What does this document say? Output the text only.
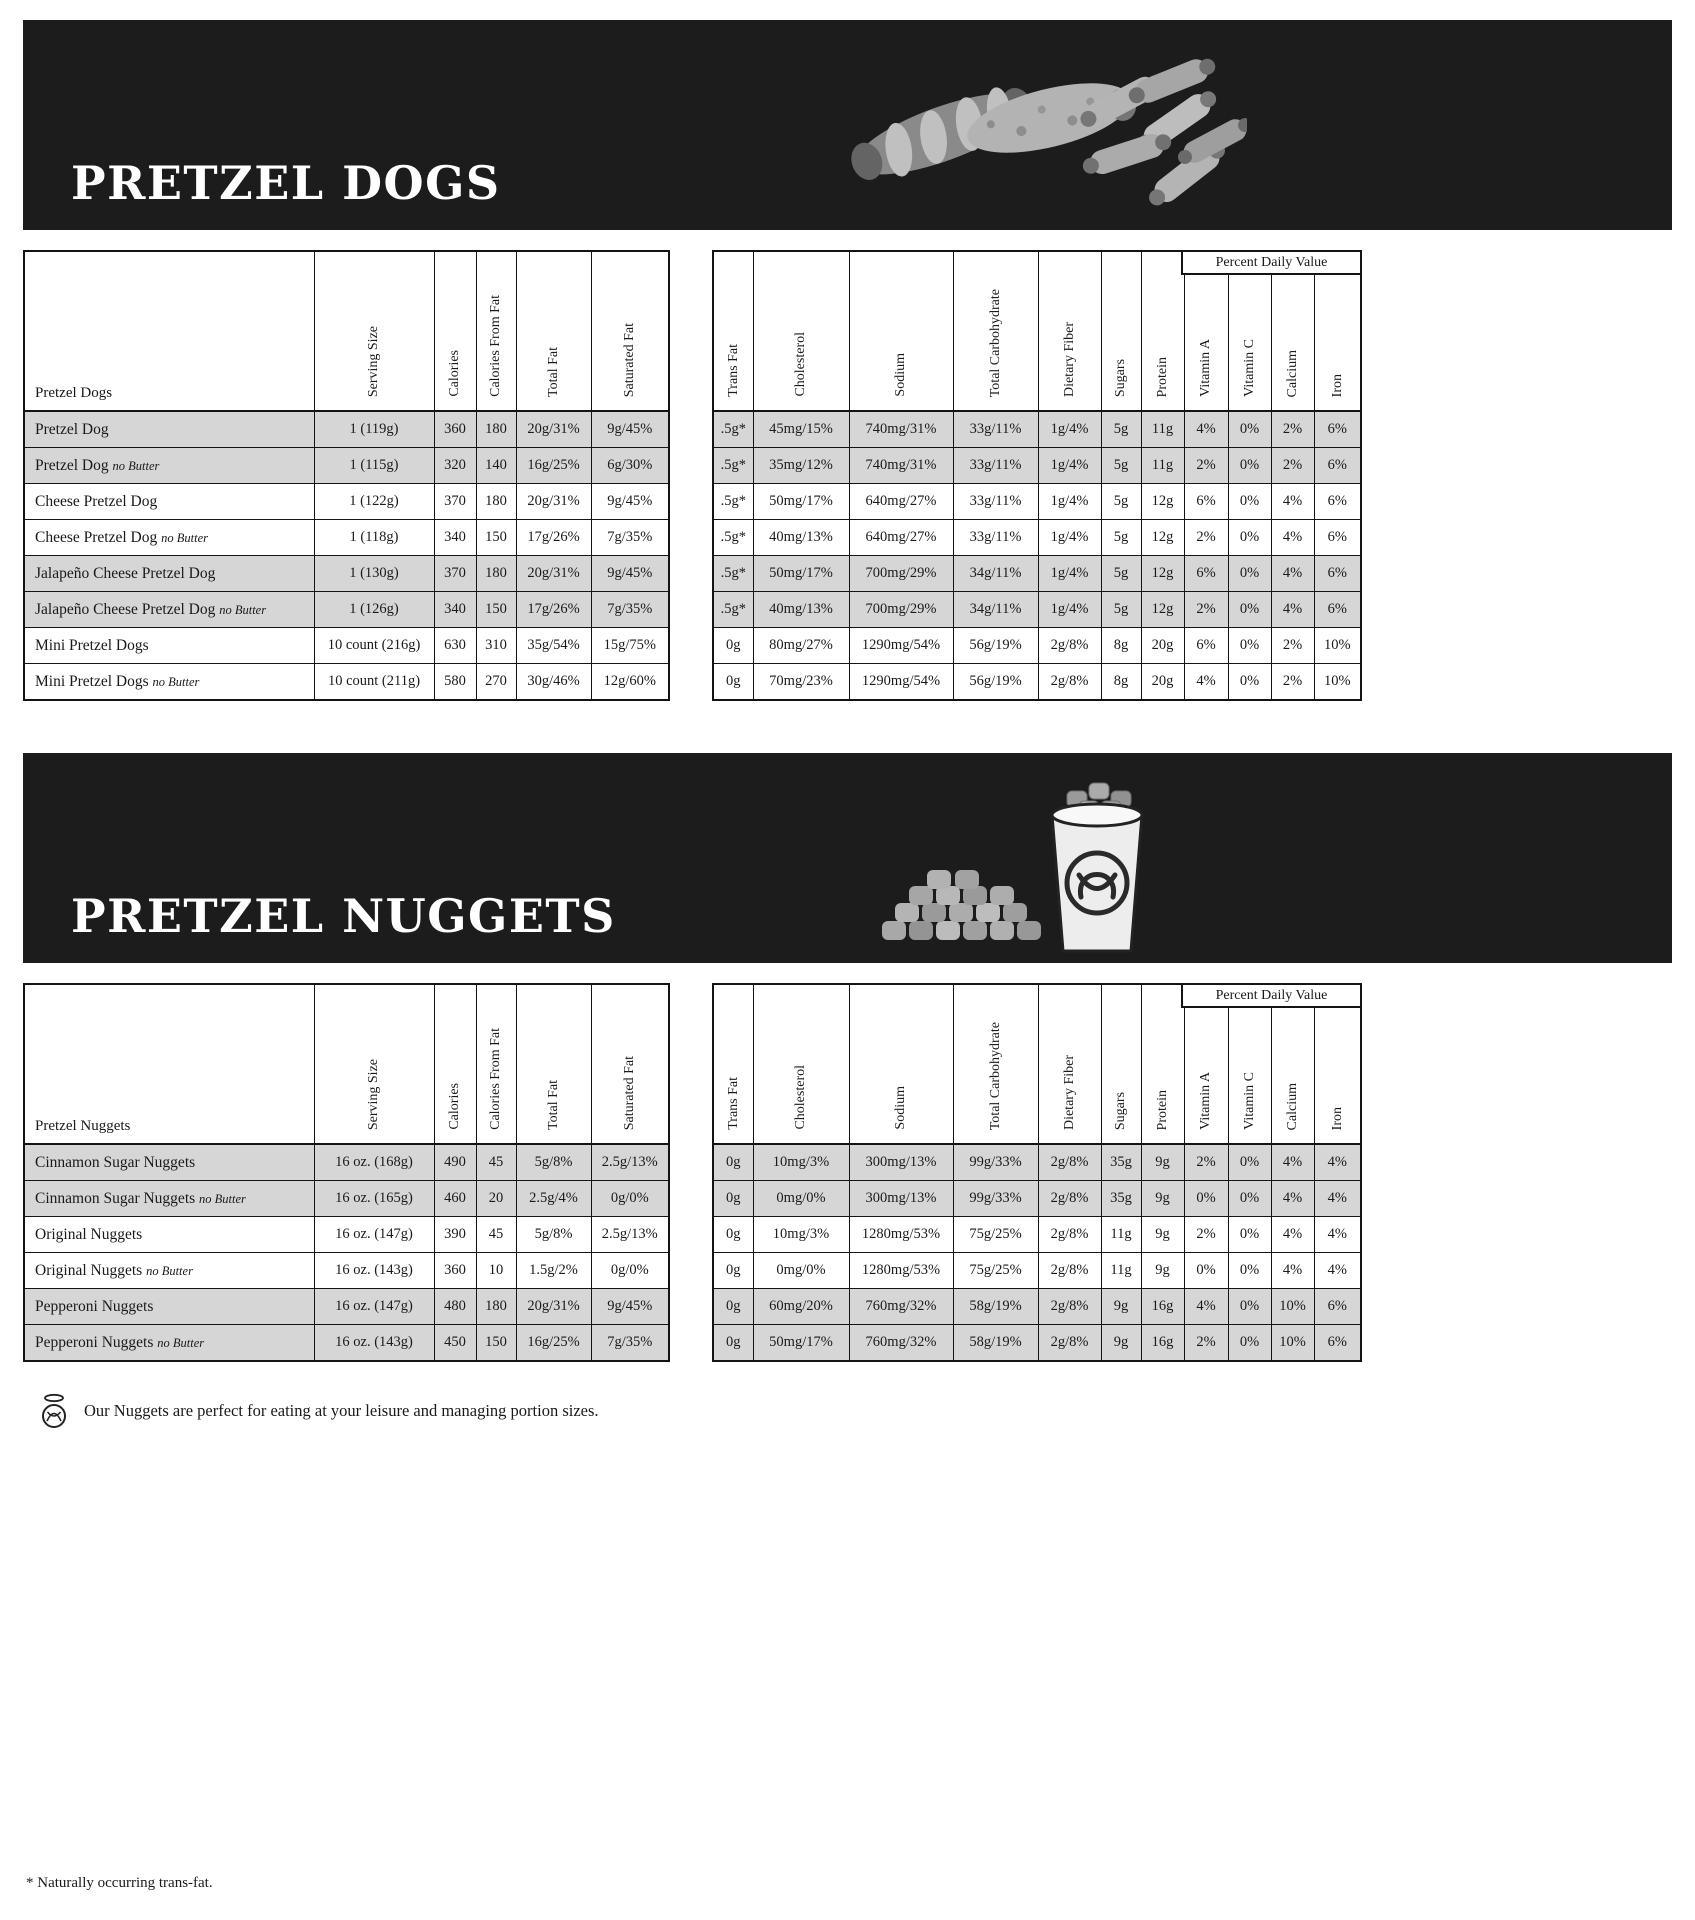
PRETZEL DOGS
Pretzel Dogs	Serving Size	Calories	Calories From Fat	Total Fat	Saturated Fat
Pretzel Dog	1 (119g)	360	180	20g/31%	9g/45%
Pretzel Dog no Butter	1 (115g)	320	140	16g/25%	6g/30%
Cheese Pretzel Dog	1 (122g)	370	180	20g/31%	9g/45%
Cheese Pretzel Dog no Butter	1 (118g)	340	150	17g/26%	7g/35%
Jalapeño Cheese Pretzel Dog	1 (130g)	370	180	20g/31%	9g/45%
Jalapeño Cheese Pretzel Dog no Butter	1 (126g)	340	150	17g/26%	7g/35%
Mini Pretzel Dogs	10 count (216g)	630	310	35g/54%	15g/75%
Mini Pretzel Dogs no Butter	10 count (211g)	580	270	30g/46%	12g/60%
Percent Daily Value
Trans Fat	Cholesterol	Sodium	Total Carbohydrate	Dietary Fiber	Sugars	Protein	Vitamin A	Vitamin C	Calcium	Iron
.5g*	45mg/15%	740mg/31%	33g/11%	1g/4%	5g	11g	4%	0%	2%	6%
.5g*	35mg/12%	740mg/31%	33g/11%	1g/4%	5g	11g	2%	0%	2%	6%
.5g*	50mg/17%	640mg/27%	33g/11%	1g/4%	5g	12g	6%	0%	4%	6%
.5g*	40mg/13%	640mg/27%	33g/11%	1g/4%	5g	12g	2%	0%	4%	6%
.5g*	50mg/17%	700mg/29%	34g/11%	1g/4%	5g	12g	6%	0%	4%	6%
.5g*	40mg/13%	700mg/29%	34g/11%	1g/4%	5g	12g	2%	0%	4%	6%
0g	80mg/27%	1290mg/54%	56g/19%	2g/8%	8g	20g	6%	0%	2%	10%
0g	70mg/23%	1290mg/54%	56g/19%	2g/8%	8g	20g	4%	0%	2%	10%
PRETZEL NUGGETS
Pretzel Nuggets	Serving Size	Calories	Calories From Fat	Total Fat	Saturated Fat
Cinnamon Sugar Nuggets	16 oz. (168g)	490	45	5g/8%	2.5g/13%
Cinnamon Sugar Nuggets no Butter	16 oz. (165g)	460	20	2.5g/4%	0g/0%
Original Nuggets	16 oz. (147g)	390	45	5g/8%	2.5g/13%
Original Nuggets no Butter	16 oz. (143g)	360	10	1.5g/2%	0g/0%
Pepperoni Nuggets	16 oz. (147g)	480	180	20g/31%	9g/45%
Pepperoni Nuggets no Butter	16 oz. (143g)	450	150	16g/25%	7g/35%
Percent Daily Value
Trans Fat	Cholesterol	Sodium	Total Carbohydrate	Dietary Fiber	Sugars	Protein	Vitamin A	Vitamin C	Calcium	Iron
0g	10mg/3%	300mg/13%	99g/33%	2g/8%	35g	9g	2%	0%	4%	4%
0g	0mg/0%	300mg/13%	99g/33%	2g/8%	35g	9g	0%	0%	4%	4%
0g	10mg/3%	1280mg/53%	75g/25%	2g/8%	11g	9g	2%	0%	4%	4%
0g	0mg/0%	1280mg/53%	75g/25%	2g/8%	11g	9g	0%	0%	4%	4%
0g	60mg/20%	760mg/32%	58g/19%	2g/8%	9g	16g	4%	0%	10%	6%
0g	50mg/17%	760mg/32%	58g/19%	2g/8%	9g	16g	2%	0%	10%	6%
Our Nuggets are perfect for eating at your leisure and managing portion sizes.
* Naturally occurring trans-fat.
